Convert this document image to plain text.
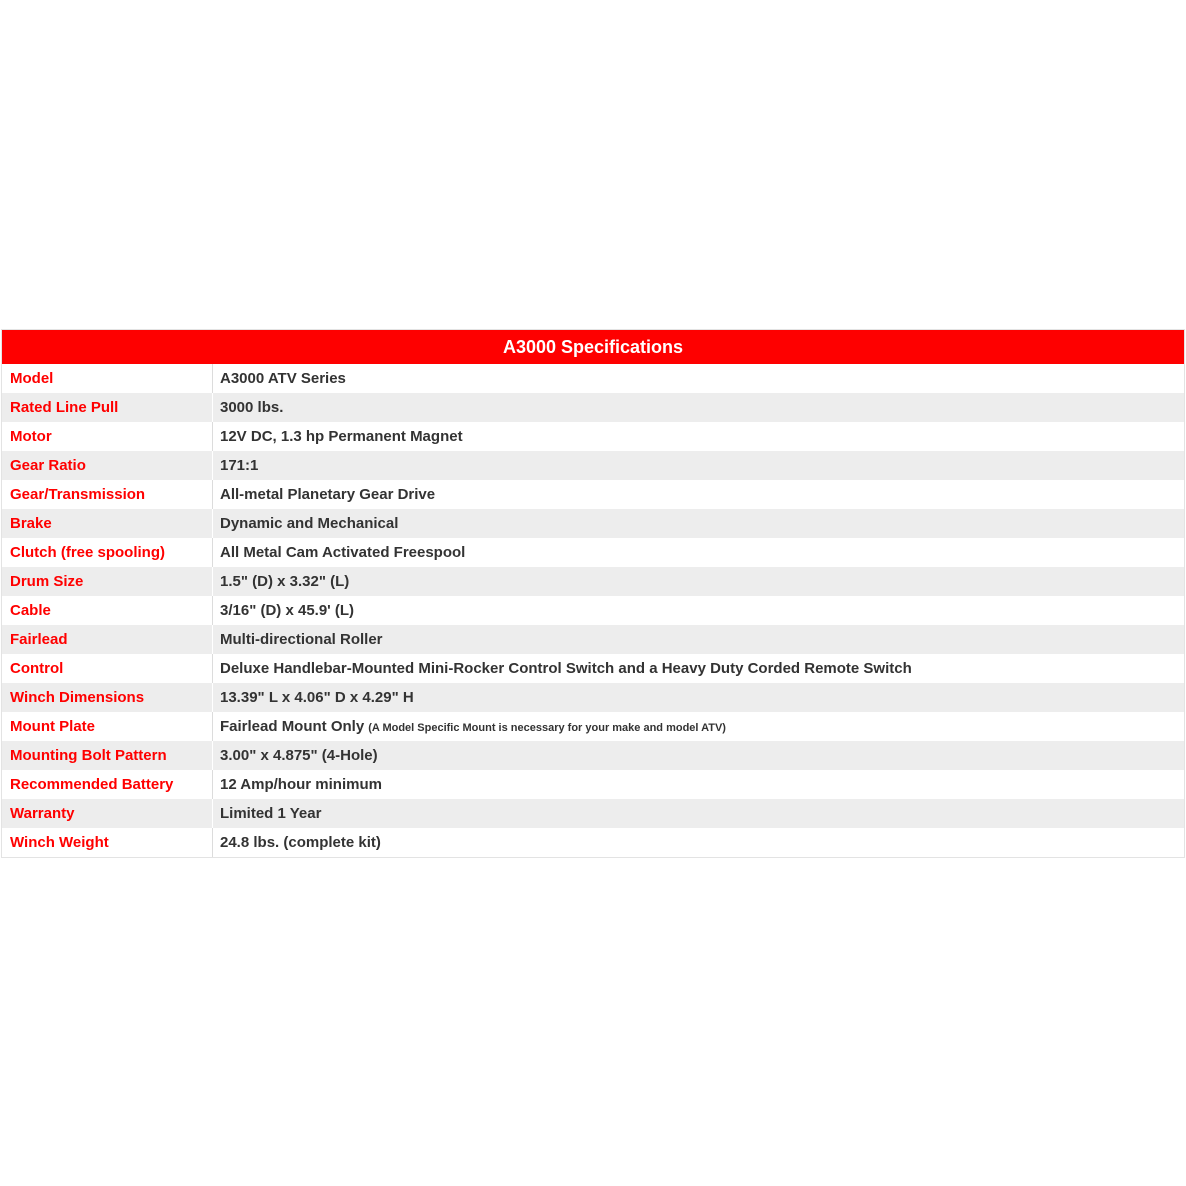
A3000 Specifications
Model	A3000 ATV Series
Rated Line Pull	3000 lbs.
Motor	12V DC, 1.3 hp Permanent Magnet
Gear Ratio	171:1
Gear/Transmission	All-metal Planetary Gear Drive
Brake	Dynamic and Mechanical
Clutch (free spooling)	All Metal Cam Activated Freespool
Drum Size	1.5" (D) x 3.32" (L)
Cable	3/16" (D) x 45.9' (L)
Fairlead	Multi-directional Roller
Control	Deluxe Handlebar-Mounted Mini-Rocker Control Switch and a Heavy Duty Corded Remote Switch
Winch Dimensions	13.39" L x 4.06" D x 4.29" H
Mount Plate	Fairlead Mount Only (A Model Specific Mount is necessary for your make and model ATV)
Mounting Bolt Pattern	3.00" x 4.875" (4-Hole)
Recommended Battery	12 Amp/hour minimum
Warranty	Limited 1 Year
Winch Weight	24.8 lbs. (complete kit)
